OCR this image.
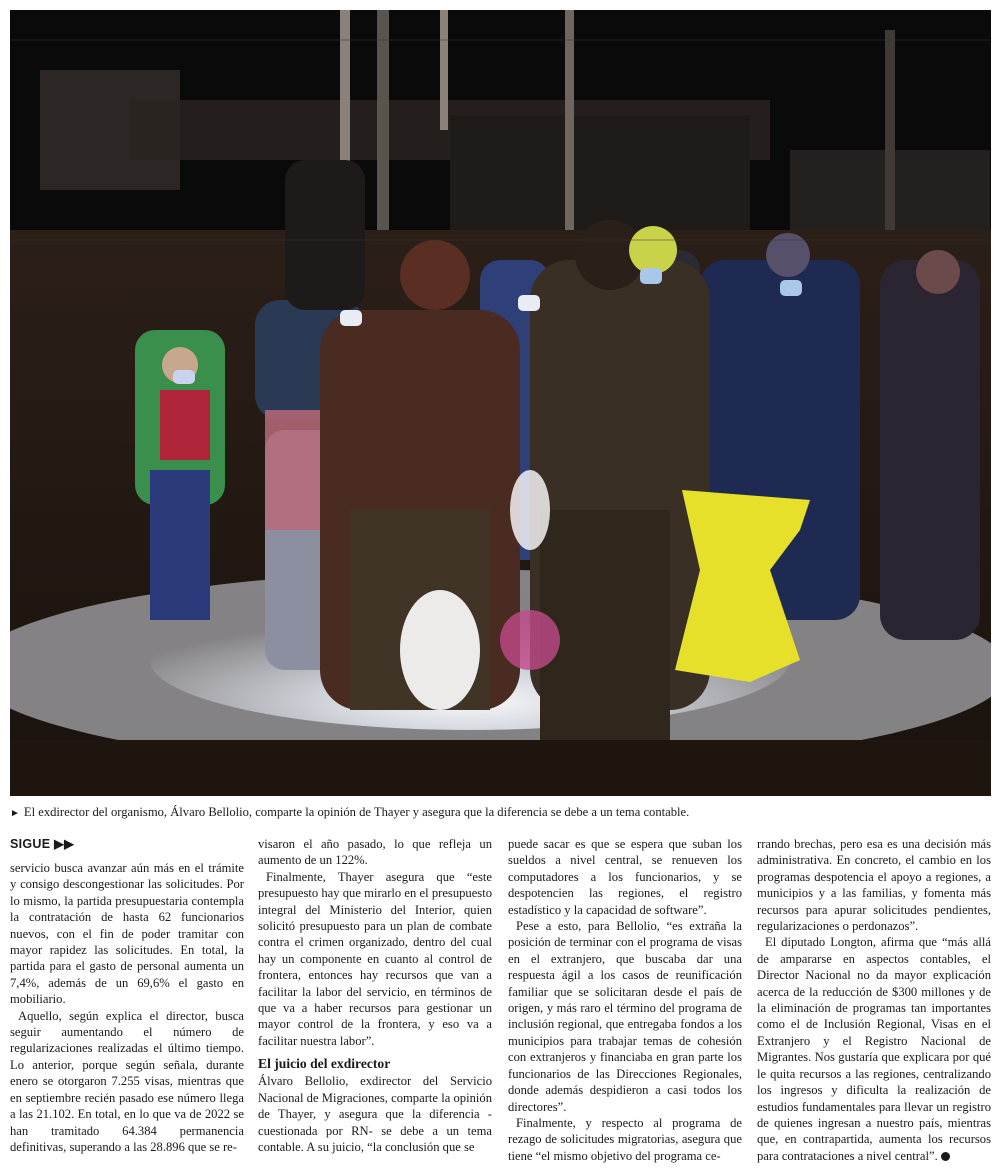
► El exdirector del organismo, Álvaro Bellolio, comparte la opinión de Thayer y asegura que la diferencia se debe a un tema contable.
SIGUE ▶▶

servicio busca avanzar aún más en el trámite y consigo descongestionar las solicitudes. Por lo mismo, la partida presupuestaria contempla la contratación de hasta 62 funcionarios nuevos, con el fin de poder tramitar con mayor rapidez las solicitudes. En total, la partida para el gasto de personal aumenta un 7,4%, además de un 69,6% el gasto en mobiliario.

Aquello, según explica el director, busca seguir aumentando el número de regularizaciones realizadas el último tiempo. Lo anterior, porque según señala, durante enero se otorgaron 7.255 visas, mientras que en septiembre recién pasado ese número llega a las 21.102. En total, en lo que va de 2022 se han tramitado 64.384 permanencia definitivas, superando a las 28.896 que se re-

visaron el año pasado, lo que refleja un aumento de un 122%.

Finalmente, Thayer asegura que “este presupuesto hay que mirarlo en el presupuesto integral del Ministerio del Interior, quien solicitó presupuesto para un plan de combate contra el crimen organizado, dentro del cual hay un componente en cuanto al control de frontera, entonces hay recursos que van a facilitar la labor del servicio, en términos de que va a haber recursos para gestionar un mayor control de la frontera, y eso va a facilitar nuestra labor”.

El juicio del exdirector

Álvaro Bellolio, exdirector del Servicio Nacional de Migraciones, comparte la opinión de Thayer, y asegura que la diferencia -cuestionada por RN- se debe a un tema contable. A su juicio, “la conclusión que se

puede sacar es que se espera que suban los sueldos a nivel central, se renueven los computadores a los funcionarios, y se despotencien las regiones, el registro estadístico y la capacidad de software”.

Pese a esto, para Bellolio, “es extraña la posición de terminar con el programa de visas en el extranjero, que buscaba dar una respuesta ágil a los casos de reunificación familiar que se solicitaran desde el país de origen, y más raro el término del programa de inclusión regional, que entregaba fondos a los municipios para trabajar temas de cohesión con extranjeros y financiaba en gran parte los funcionarios de las Direcciones Regionales, donde además despidieron a casi todos los directores”.

Finalmente, y respecto al programa de rezago de solicitudes migratorias, asegura que tiene “el mismo objetivo del programa ce-

rrando brechas, pero esa es una decisión más administrativa. En concreto, el cambio en los programas despotencia el apoyo a regiones, a municipios y a las familias, y fomenta más recursos para apurar solicitudes pendientes, regularizaciones o perdonazos”.

El diputado Longton, afirma que “más allá de ampararse en aspectos contables, el Director Nacional no da mayor explicación acerca de la reducción de $300 millones y de la eliminación de programas tan importantes como el de Inclusión Regional, Visas en el Extranjero y el Registro Nacional de Migrantes. Nos gustaría que explicara por qué le quita recursos a las regiones, centralizando los ingresos y dificulta la realización de estudios fundamentales para llevar un registro de quienes ingresan a nuestro país, mientras que, en contrapartida, aumenta los recursos para contrataciones a nivel central”.
